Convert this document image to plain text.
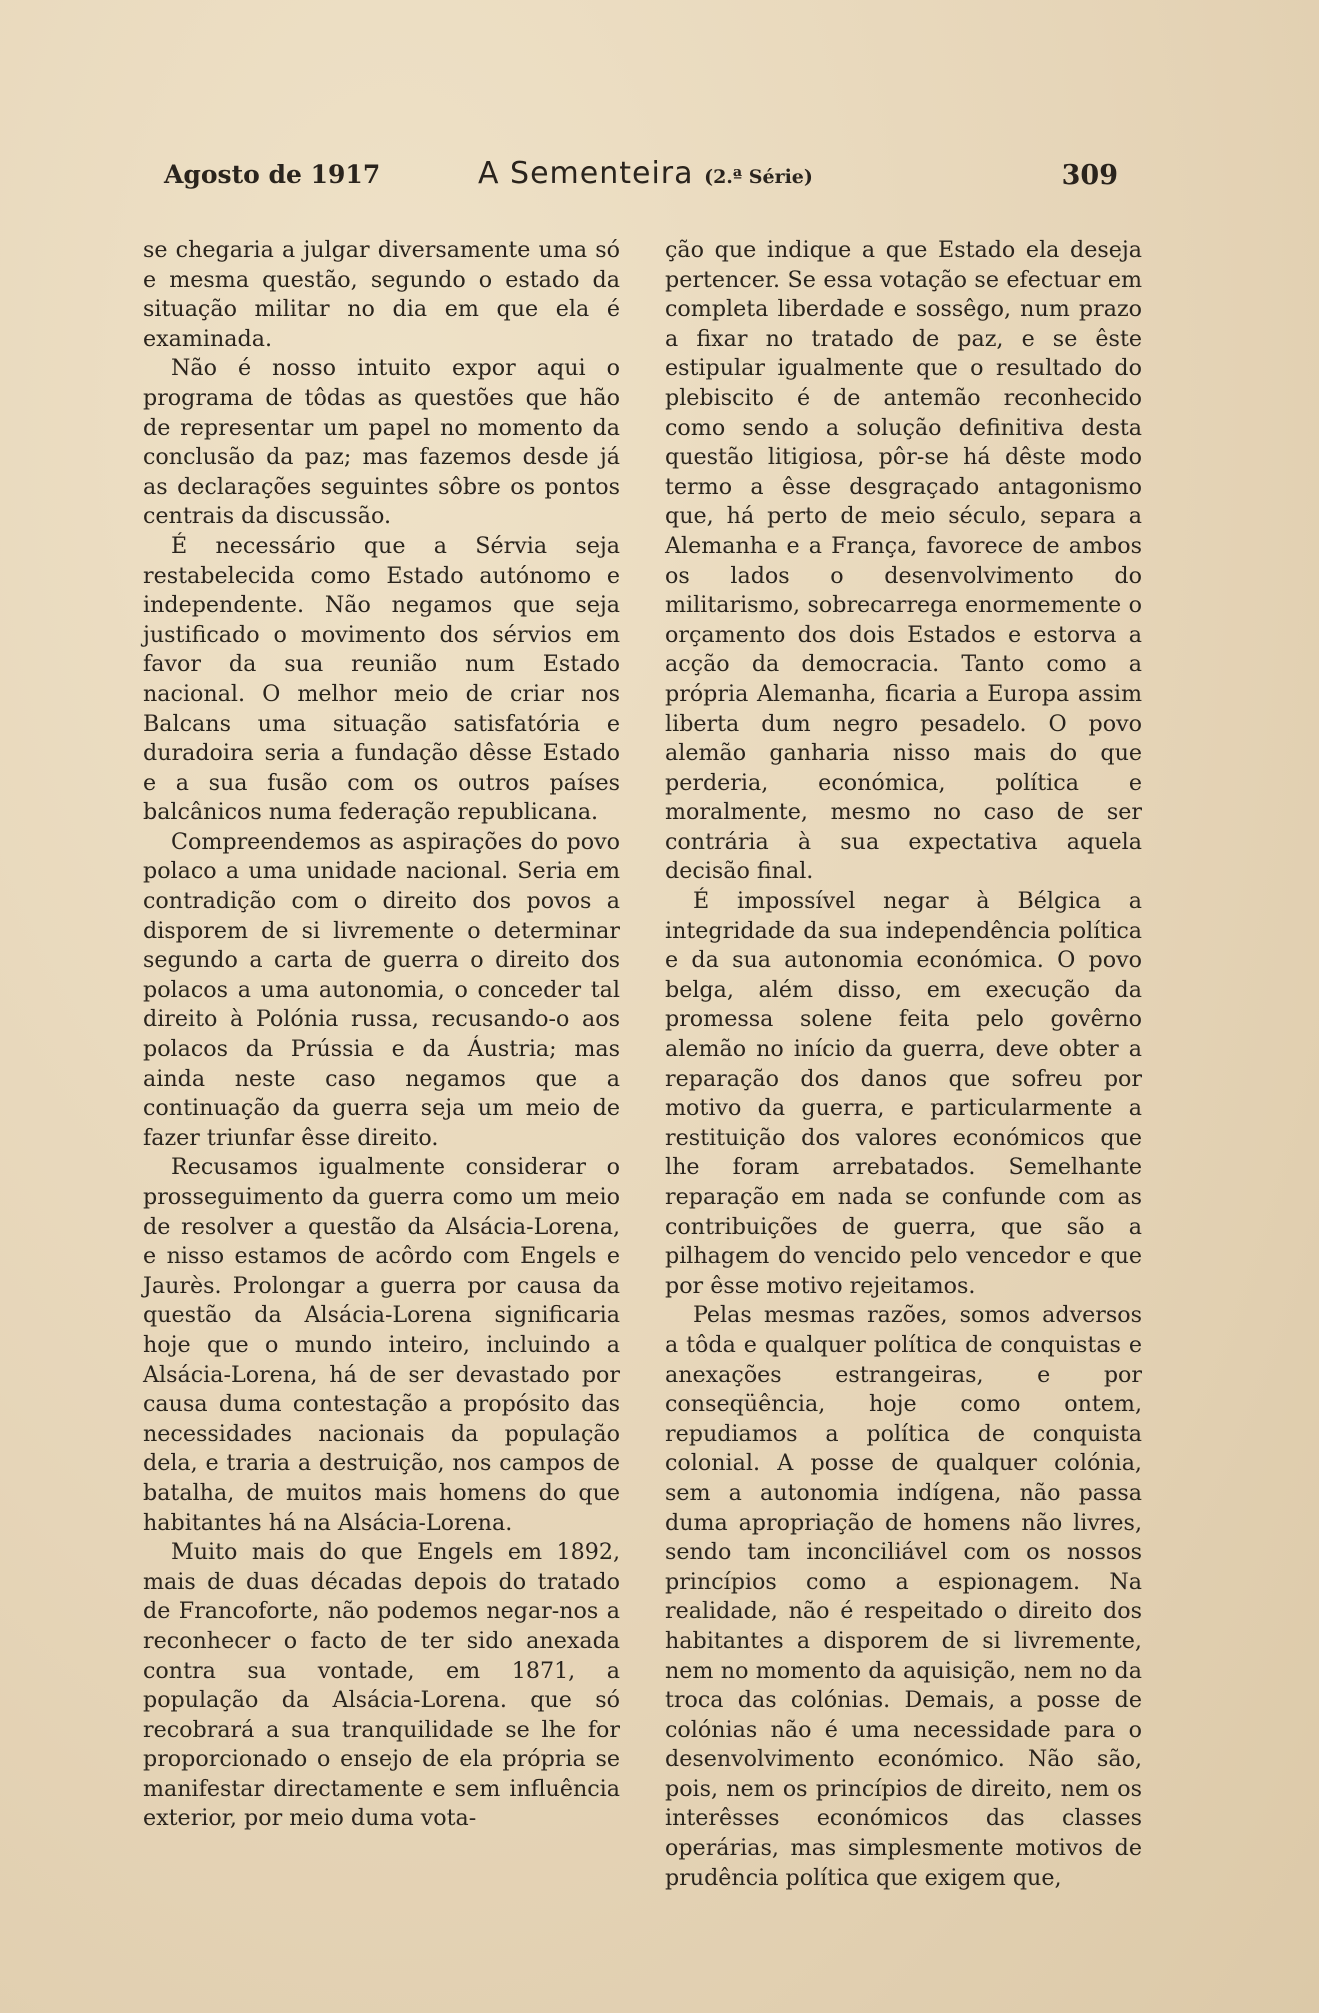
Agosto de 1917	A Sementeira (2.ª Série)	309

se chegaria a julgar diversamente uma só e mesma questão, segundo o estado da situação militar no dia em que ela é examinada.

Não é nosso intuito expor aqui o programa de tôdas as questões que hão de representar um papel no momento da conclusão da paz; mas fazemos desde já as declarações seguintes sôbre os pontos centrais da discussão.

É necessário que a Sérvia seja restabelecida como Estado autónomo e independente. Não negamos que seja justificado o movimento dos sérvios em favor da sua reunião num Estado nacional. O melhor meio de criar nos Balcans uma situação satisfatória e duradoira seria a fundação dêsse Estado e a sua fusão com os outros países balcânicos numa federação republicana.

Compreendemos as aspirações do povo polaco a uma unidade nacional. Seria em contradição com o direito dos povos a disporem de si livremente o determinar segundo a carta de guerra o direito dos polacos a uma autonomia, o conceder tal direito à Polónia russa, recusando-o aos polacos da Prússia e da Áustria; mas ainda neste caso negamos que a continuação da guerra seja um meio de fazer triunfar êsse direito.

Recusamos igualmente considerar o prosseguimento da guerra como um meio de resolver a questão da Alsácia-Lorena, e nisso estamos de acôrdo com Engels e Jaurès. Prolongar a guerra por causa da questão da Alsácia-Lorena significaria hoje que o mundo inteiro, incluindo a Alsácia-Lorena, há de ser devastado por causa duma contestação a propósito das necessidades nacionais da população dela, e traria a destruição, nos campos de batalha, de muitos mais homens do que habitantes há na Alsácia-Lorena.

Muito mais do que Engels em 1892, mais de duas décadas depois do tratado de Francoforte, não podemos negar-nos a reconhecer o facto de ter sido anexada contra sua vontade, em 1871, a população da Alsácia-Lorena. que só recobrará a sua tranquilidade se lhe for proporcionado o ensejo de ela própria se manifestar directamente e sem influência exterior, por meio duma vota-

ção que indique a que Estado ela deseja pertencer. Se essa votação se efectuar em completa liberdade e sossêgo, num prazo a fixar no tratado de paz, e se êste estipular igualmente que o resultado do plebiscito é de antemão reconhecido como sendo a solução definitiva desta questão litigiosa, pôr-se há dêste modo termo a êsse desgraçado antagonismo que, há perto de meio século, separa a Alemanha e a França, favorece de ambos os lados o desenvolvimento do militarismo, sobrecarrega enormemente o orçamento dos dois Estados e estorva a acção da democracia. Tanto como a própria Alemanha, ficaria a Europa assim liberta dum negro pesadelo. O povo alemão ganharia nisso mais do que perderia, económica, política e moralmente, mesmo no caso de ser contrária à sua expectativa aquela decisão final.

É impossível negar à Bélgica a integridade da sua independência política e da sua autonomia económica. O povo belga, além disso, em execução da promessa solene feita pelo govêrno alemão no início da guerra, deve obter a reparação dos danos que sofreu por motivo da guerra, e particularmente a restituição dos valores económicos que lhe foram arrebatados. Semelhante reparação em nada se confunde com as contribuições de guerra, que são a pilhagem do vencido pelo vencedor e que por êsse motivo rejeitamos.

Pelas mesmas razões, somos adversos a tôda e qualquer política de conquistas e anexações estrangeiras, e por conseqüência, hoje como ontem, repudiamos a política de conquista colonial. A posse de qualquer colónia, sem a autonomia indígena, não passa duma apropriação de homens não livres, sendo tam inconciliável com os nossos princípios como a espionagem. Na realidade, não é respeitado o direito dos habitantes a disporem de si livremente, nem no momento da aquisição, nem no da troca das colónias. Demais, a posse de colónias não é uma necessidade para o desenvolvimento económico. Não são, pois, nem os princípios de direito, nem os interêsses económicos das classes operárias, mas simplesmente motivos de prudência política que exigem que,
